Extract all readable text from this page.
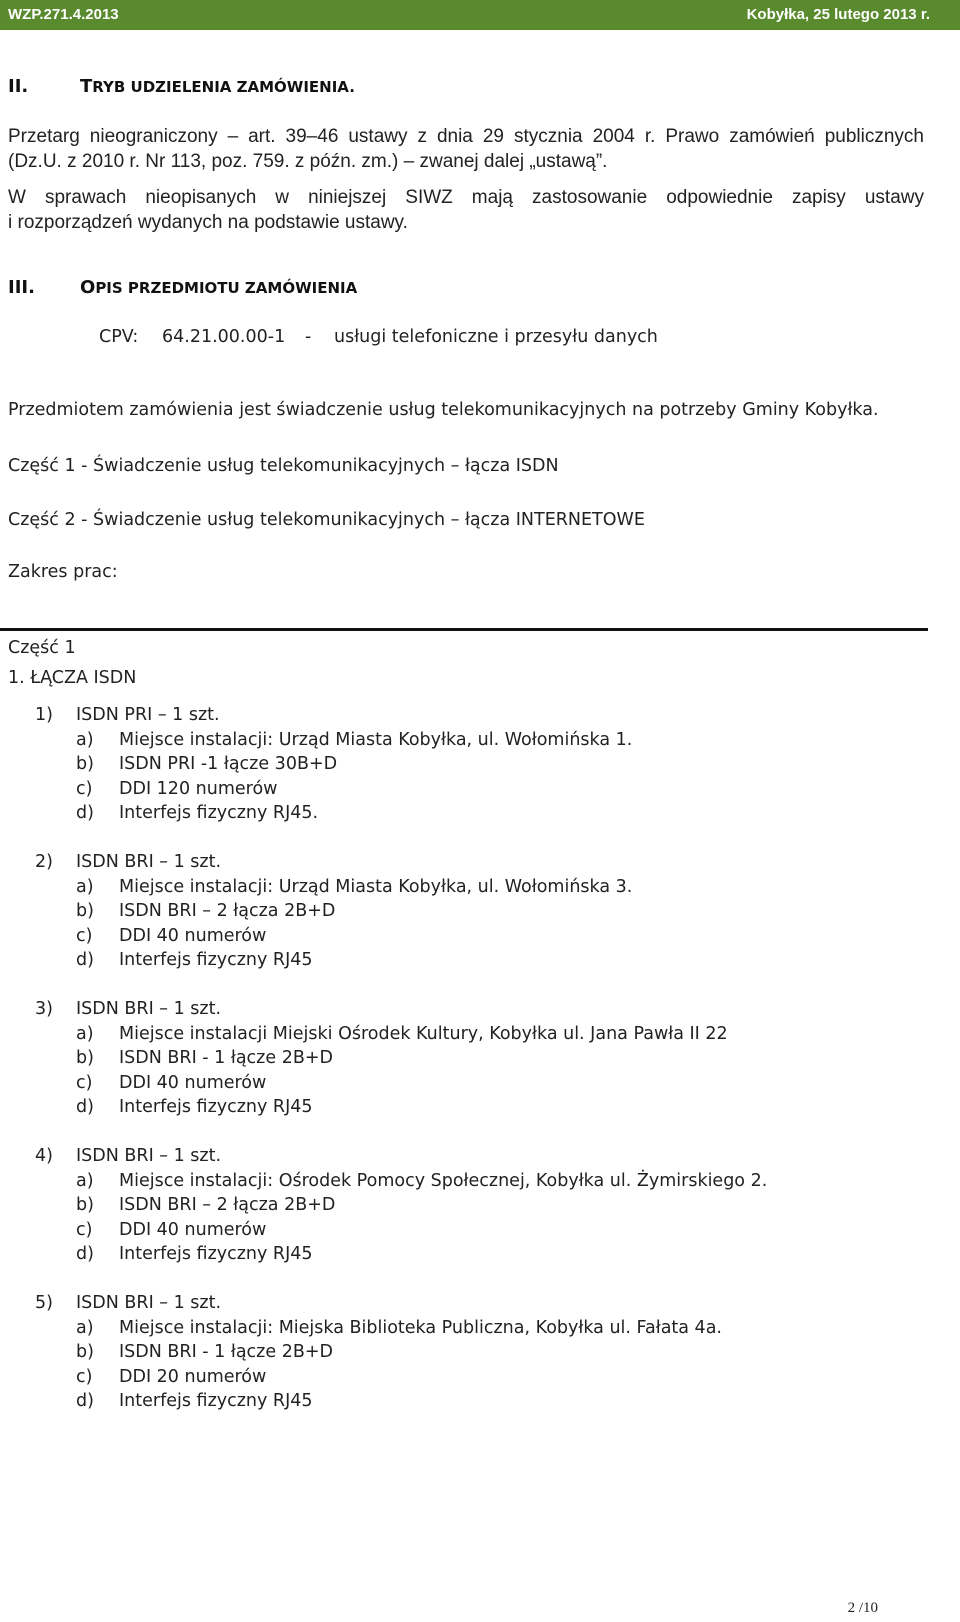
WZP.271.4.2013	Kobyłka, 25 lutego 2013 r.
II.	TRYB UDZIELENIA ZAMÓWIENIA.
Przetarg nieograniczony – art. 39–46 ustawy z dnia 29 stycznia 2004 r. Prawo zamówień publicznych
(Dz.U. z 2010 r. Nr 113, poz. 759. z późn. zm.) – zwanej dalej „ustawą”.
W sprawach nieopisanych w niniejszej SIWZ mają zastosowanie odpowiednie zapisy ustawy
i rozporządzeń wydanych na podstawie ustawy.
III.	OPIS PRZEDMIOTU ZAMÓWIENIA
CPV: 64.21.00.00-1 - usługi telefoniczne i przesyłu danych
Przedmiotem zamówienia jest świadczenie usług telekomunikacyjnych na potrzeby Gminy Kobyłka.
Część 1 - Świadczenie usług telekomunikacyjnych – łącza ISDN
Część 2 - Świadczenie usług telekomunikacyjnych – łącza INTERNETOWE
Zakres prac:
Część 1
1. ŁĄCZA ISDN
1) ISDN PRI – 1 szt.
a) Miejsce instalacji: Urząd Miasta Kobyłka, ul. Wołomińska 1.
b) ISDN PRI -1 łącze 30B+D
c) DDI 120 numerów
d) Interfejs fizyczny RJ45.
2) ISDN BRI – 1 szt.
a) Miejsce instalacji: Urząd Miasta Kobyłka, ul. Wołomińska 3.
b) ISDN BRI – 2 łącza 2B+D
c) DDI 40 numerów
d) Interfejs fizyczny RJ45
3) ISDN BRI – 1 szt.
a) Miejsce instalacji Miejski Ośrodek Kultury, Kobyłka ul. Jana Pawła II 22
b) ISDN BRI - 1 łącze 2B+D
c) DDI 40 numerów
d) Interfejs fizyczny RJ45
4) ISDN BRI – 1 szt.
a) Miejsce instalacji: Ośrodek Pomocy Społecznej, Kobyłka ul. Żymirskiego 2.
b) ISDN BRI – 2 łącza 2B+D
c) DDI 40 numerów
d) Interfejs fizyczny RJ45
5) ISDN BRI – 1 szt.
a) Miejsce instalacji: Miejska Biblioteka Publiczna, Kobyłka ul. Fałata 4a.
b) ISDN BRI - 1 łącze 2B+D
c) DDI 20 numerów
d) Interfejs fizyczny RJ45
2 /10
